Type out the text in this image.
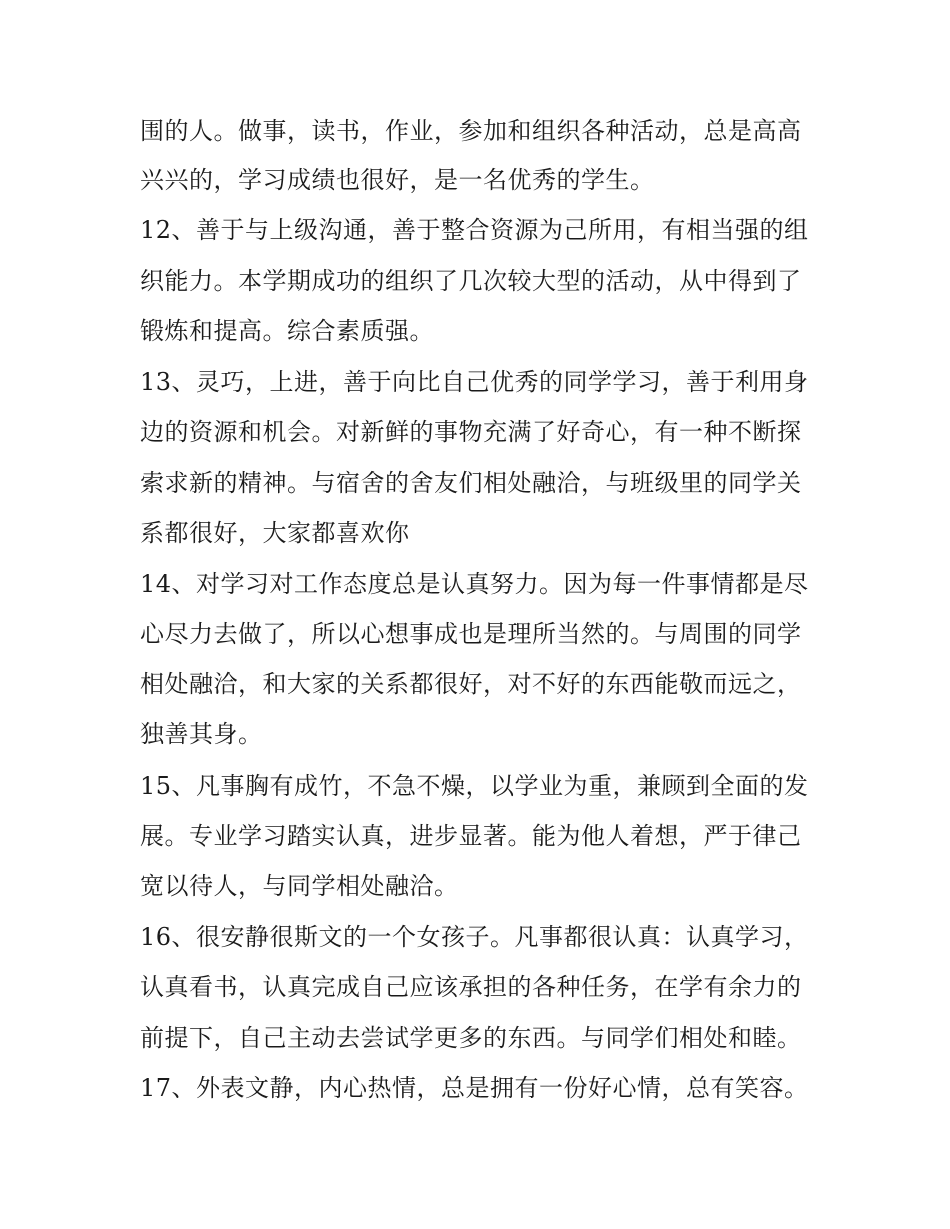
围的人。做事，读书，作业，参加和组织各种活动，总是高高
兴兴的，学习成绩也很好，是一名优秀的学生。
12、善于与上级沟通，善于整合资源为己所用，有相当强的组
织能力。本学期成功的组织了几次较大型的活动，从中得到了
锻炼和提高。综合素质强。
13、灵巧，上进，善于向比自己优秀的同学学习，善于利用身
边的资源和机会。对新鲜的事物充满了好奇心，有一种不断探
索求新的精神。与宿舍的舍友们相处融洽，与班级里的同学关
系都很好，大家都喜欢你
14、对学习对工作态度总是认真努力。因为每一件事情都是尽
心尽力去做了，所以心想事成也是理所当然的。与周围的同学
相处融洽，和大家的关系都很好，对不好的东西能敬而远之，
独善其身。
15、凡事胸有成竹，不急不燥，以学业为重，兼顾到全面的发
展。专业学习踏实认真，进步显著。能为他人着想，严于律己
宽以待人，与同学相处融洽。
16、很安静很斯文的一个女孩子。凡事都很认真：认真学习，
认真看书，认真完成自己应该承担的各种任务，在学有余力的
前提下，自己主动去尝试学更多的东西。与同学们相处和睦。
17、外表文静，内心热情，总是拥有一份好心情，总有笑容。
